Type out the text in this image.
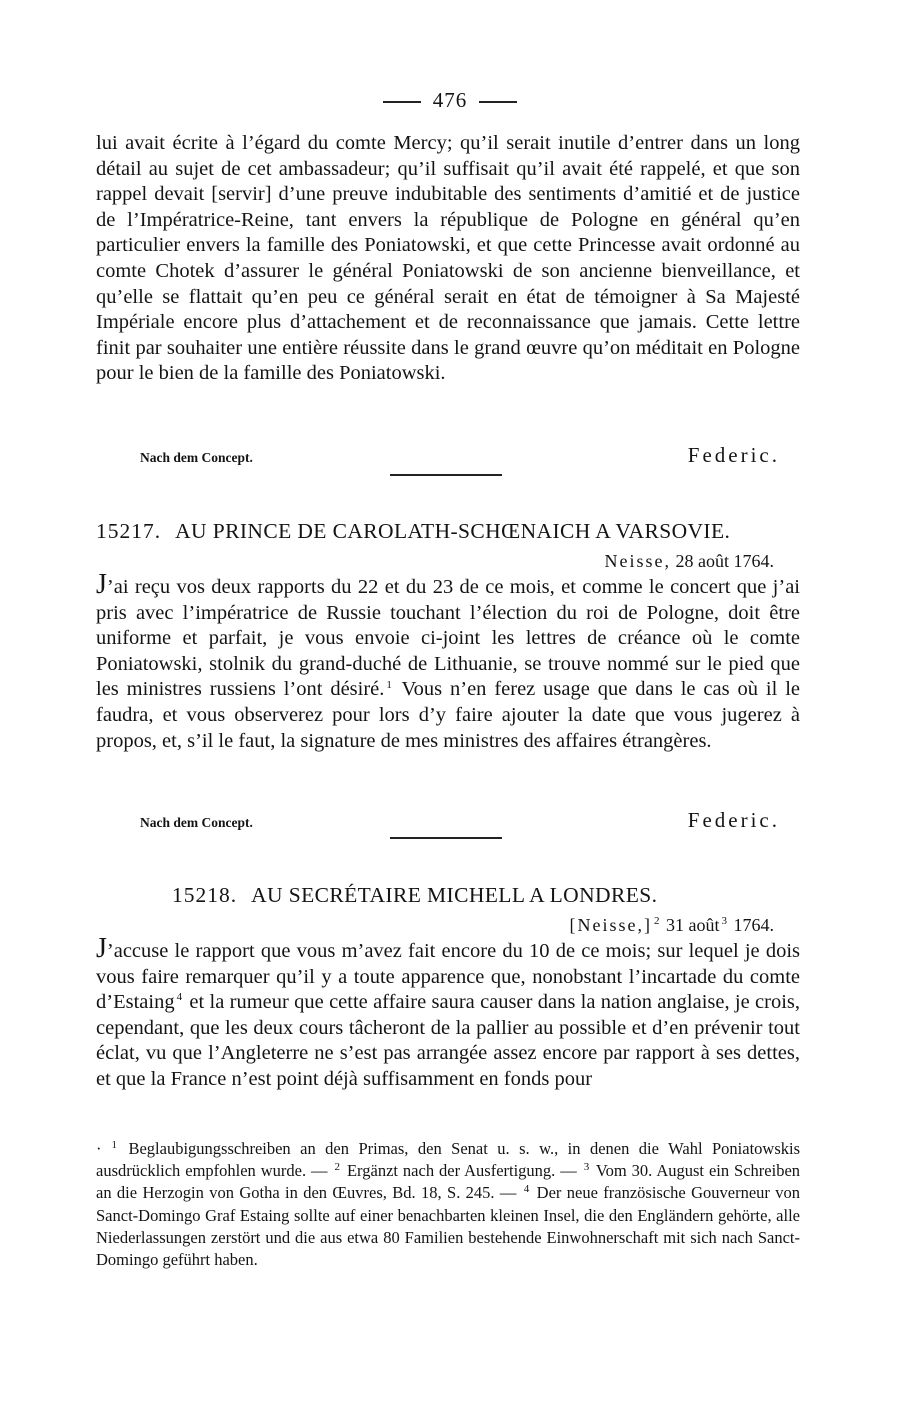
476

lui avait écrite à l’égard du comte Mercy; qu’il serait inutile d’entrer dans un long détail au sujet de cet ambassadeur; qu’il suffisait qu’il avait été rappelé, et que son rappel devait [servir] d’une preuve indubitable des sentiments d’amitié et de justice de l’Impératrice-Reine, tant envers la république de Pologne en général qu’en particulier envers la famille des Poniatowski, et que cette Princesse avait ordonné au comte Chotek d’assurer le général Poniatowski de son ancienne bienveillance, et qu’elle se flattait qu’en peu ce général serait en état de témoigner à Sa Majesté Impériale encore plus d’attachement et de reconnaissance que jamais. Cette lettre finit par souhaiter une entière réussite dans le grand œuvre qu’on méditait en Pologne pour le bien de la famille des Poniatowski.

Nach dem Concept.	Federic.
15217. AU PRINCE DE CAROLATH-SCHŒNAICH A VARSOVIE.
Neisse, 28 août 1764.

J’ai reçu vos deux rapports du 22 et du 23 de ce mois, et comme le concert que j’ai pris avec l’impératrice de Russie touchant l’élection du roi de Pologne, doit être uniforme et parfait, je vous envoie ci-joint les lettres de créance où le comte Poniatowski, stolnik du grand-duché de Lithuanie, se trouve nommé sur le pied que les ministres russiens l’ont désiré. $^1$ Vous n’en ferez usage que dans le cas où il le faudra, et vous observerez pour lors d’y faire ajouter la date que vous jugerez à propos, et, s’il le faut, la signature de mes ministres des affaires étrangères.

Nach dem Concept.	Federic.
15218. AU SECRÉTAIRE MICHELL A LONDRES.
[Neisse,] $^2$ 31 août $^3$ 1764.

J’accuse le rapport que vous m’avez fait encore du 10 de ce mois; sur lequel je dois vous faire remarquer qu’il y a toute apparence que, nonobstant l’incartade du comte d’Estaing $^4$ et la rumeur que cette affaire saura causer dans la nation anglaise, je crois, cependant, que les deux cours tâcheront de la pallier au possible et d’en prévenir tout éclat, vu que l’Angleterre ne s’est pas arrangée assez encore par rapport à ses dettes, et que la France n’est point déjà suffisamment en fonds pour

· $^1$ Beglaubigungsschreiben an den Primas, den Senat u. s. w., in denen die Wahl Poniatowskis ausdrücklich empfohlen wurde. — $^2$ Ergänzt nach der Ausfertigung. — $^3$ Vom 30. August ein Schreiben an die Herzogin von Gotha in den Œuvres, Bd. 18, S. 245. — $^4$ Der neue französische Gouverneur von Sanct-Domingo Graf Estaing sollte auf einer benachbarten kleinen Insel, die den Engländern gehörte, alle Niederlassungen zerstört und die aus etwa 80 Familien bestehende Einwohnerschaft mit sich nach Sanct-Domingo geführt haben.
